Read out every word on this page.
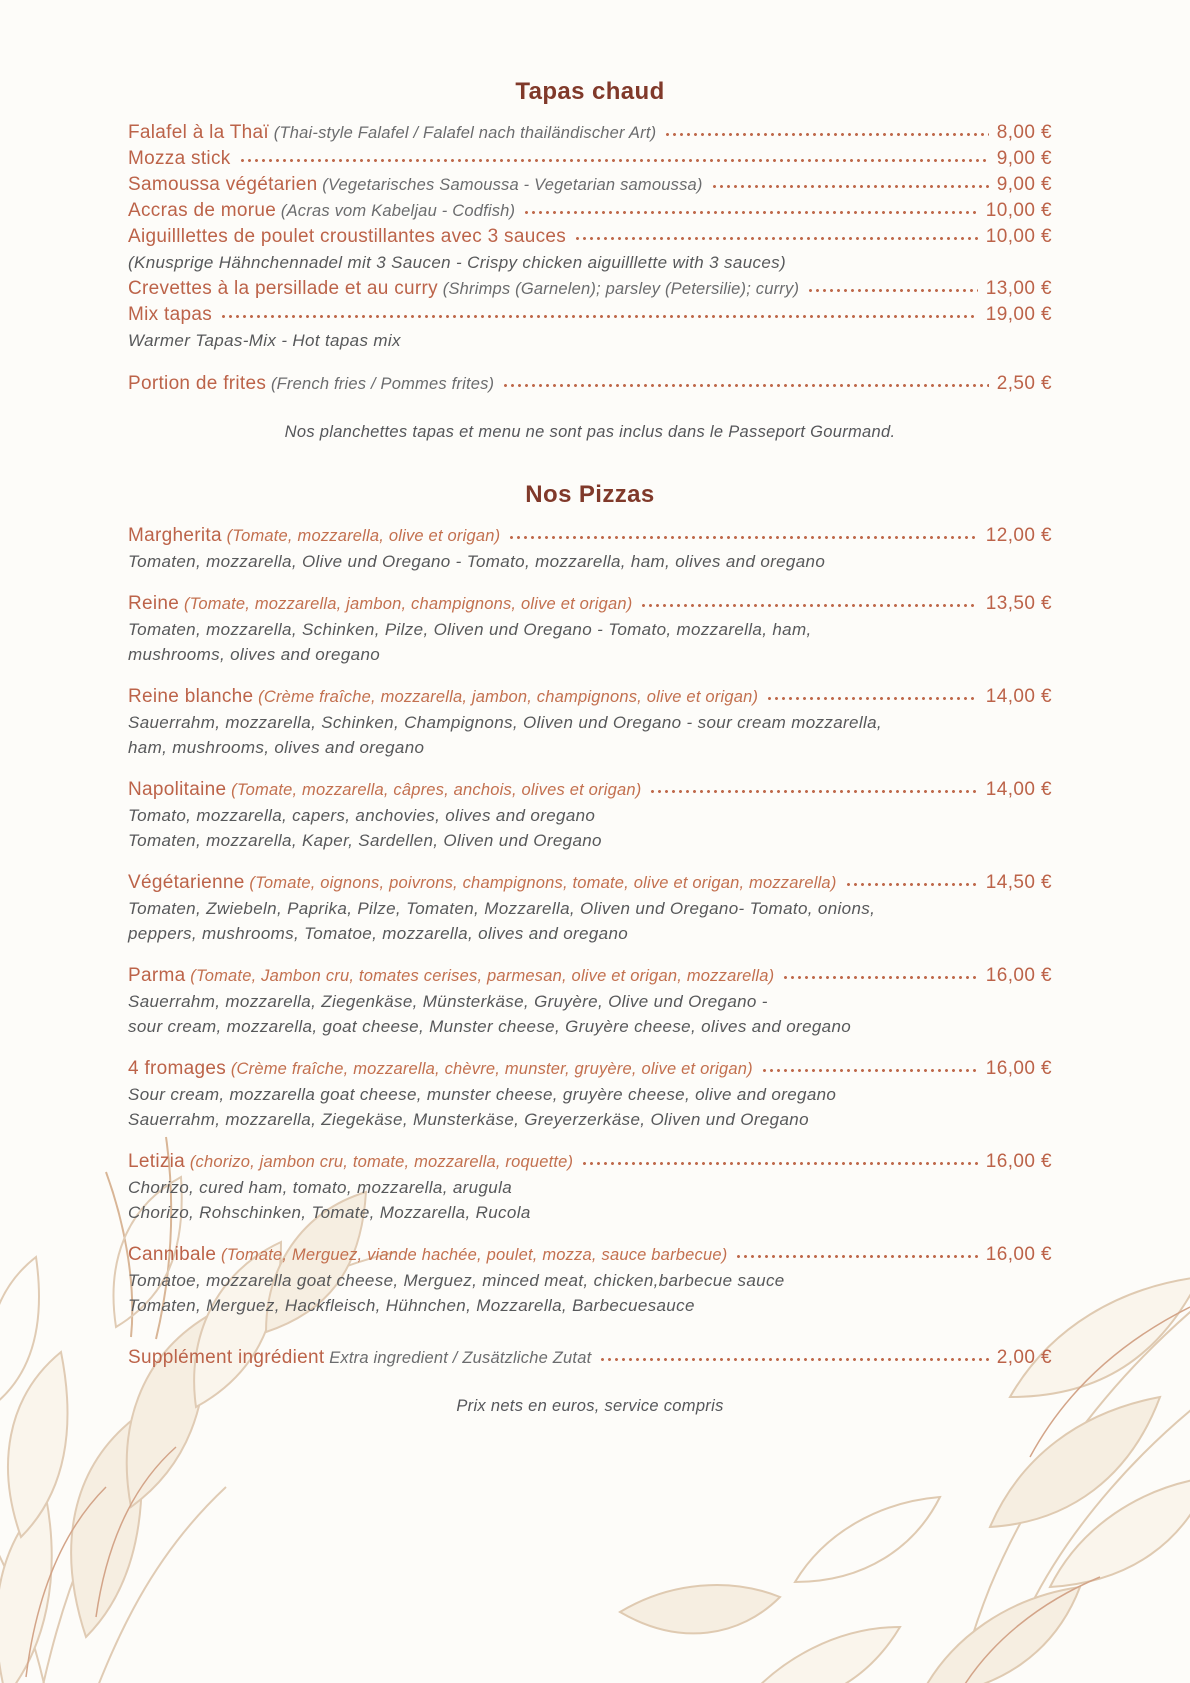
Tapas chaud
Falafel à la Thaï (Thai-style Falafel / Falafel nach thailändischer Art)	8,00 €
Mozza stick	9,00 €
Samoussa végétarien (Vegetarisches Samoussa - Vegetarian samoussa)	9,00 €
Accras de morue (Acras vom Kabeljau - Codfish)	10,00 €
Aiguilllettes de poulet croustillantes avec 3 sauces	10,00 €
(Knusprige Hähnchennadel mit 3 Saucen - Crispy chicken aiguilllette with 3 sauces)
Crevettes à la persillade et au curry (Shrimps (Garnelen); parsley (Petersilie); curry)	13,00 €
Mix tapas	19,00 €
Warmer Tapas-Mix - Hot tapas mix
Portion de frites (French fries / Pommes frites)	2,50 €
Nos planchettes tapas et menu ne sont pas inclus dans le Passeport Gourmand.
Nos Pizzas
Margherita (Tomate, mozzarella, olive et origan)	12,00 €
Tomaten, mozzarella, Olive und Oregano - Tomato, mozzarella, ham, olives and oregano
Reine (Tomate, mozzarella, jambon, champignons, olive et origan)	13,50 €
Tomaten, mozzarella, Schinken, Pilze, Oliven und Oregano - Tomato, mozzarella, ham,
mushrooms, olives and oregano
Reine blanche (Crème fraîche, mozzarella, jambon, champignons, olive et origan)	14,00 €
Sauerrahm, mozzarella, Schinken, Champignons, Oliven und Oregano - sour cream mozzarella,
ham, mushrooms, olives and oregano
Napolitaine (Tomate, mozzarella, câpres, anchois, olives et origan)	14,00 €
Tomato, mozzarella, capers, anchovies, olives and oregano
Tomaten, mozzarella, Kaper, Sardellen, Oliven und Oregano
Végétarienne (Tomate, oignons, poivrons, champignons, tomate, olive et origan, mozzarella)	14,50 €
Tomaten, Zwiebeln, Paprika, Pilze, Tomaten, Mozzarella, Oliven und Oregano- Tomato, onions,
peppers, mushrooms, Tomatoe, mozzarella, olives and oregano
Parma (Tomate, Jambon cru, tomates cerises, parmesan, olive et origan, mozzarella)	16,00 €
Sauerrahm, mozzarella, Ziegenkäse, Münsterkäse, Gruyère, Olive und Oregano -
sour cream, mozzarella, goat cheese, Munster cheese, Gruyère cheese, olives and oregano
4 fromages (Crème fraîche, mozzarella, chèvre, munster, gruyère, olive et origan)	16,00 €
Sour cream, mozzarella goat cheese, munster cheese, gruyère cheese, olive and oregano
Sauerrahm, mozzarella, Ziegekäse, Munsterkäse, Greyerzerkäse, Oliven und Oregano
Letizia (chorizo, jambon cru, tomate, mozzarella, roquette)	16,00 €
Chorizo, cured ham, tomato, mozzarella, arugula
Chorizo, Rohschinken, Tomate, Mozzarella, Rucola
Cannibale (Tomate, Merguez, viande hachée, poulet, mozza, sauce barbecue)	16,00 €
Tomatoe, mozzarella goat cheese, Merguez, minced meat, chicken,barbecue sauce
Tomaten, Merguez, Hackfleisch, Hühnchen, Mozzarella, Barbecuesauce
Supplément ingrédient Extra ingredient / Zusätzliche Zutat	2,00 €
Prix nets en euros, service compris
